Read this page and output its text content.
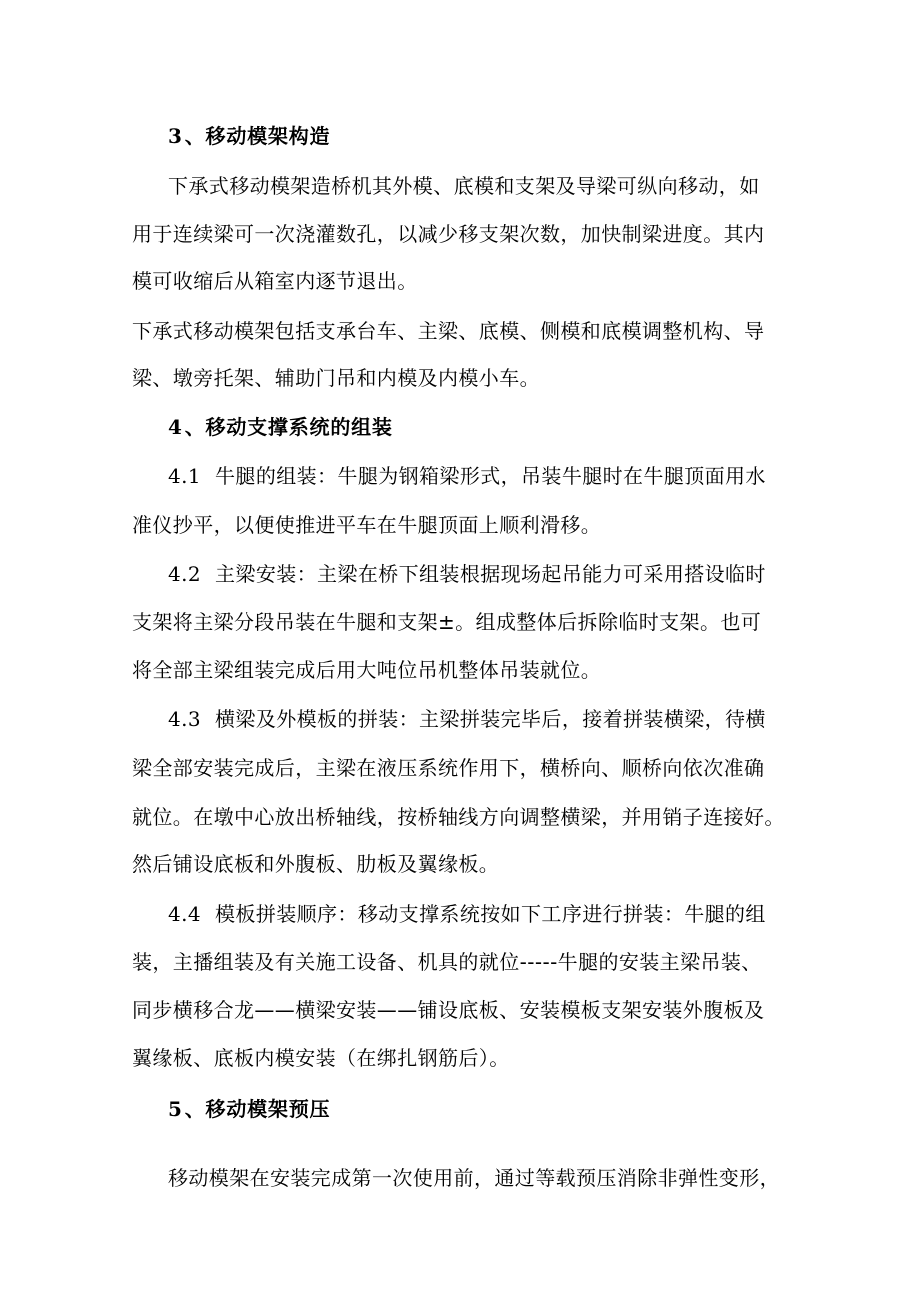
3 、移动模架构造
下承式移动模架造桥机其外模、底模和支架及导梁可纵向移动，如
用于连续梁可一次浇灌数孔，以减少移支架次数，加快制梁进度。其内
模可收缩后从箱室内逐节退出。
下承式移动模架包括支承台车、主梁、底模、侧模和底模调整机构、导
梁、墩旁托架、辅助门吊和内模及内模小车。
4 、移动支撑系统的组装
4.1 牛腿的组装：牛腿为钢箱梁形式，吊装牛腿时在牛腿顶面用水
准仪抄平，以便使推进平车在牛腿顶面上顺利滑移。
4.2 主梁安装：主梁在桥下组装根据现场起吊能力可采用搭设临时
支架将主梁分段吊装在牛腿和支架±。组成整体后拆除临时支架。也可
将全部主梁组装完成后用大吨位吊机整体吊装就位。
4.3 横梁及外模板的拼装：主梁拼装完毕后，接着拼装横梁，待横
梁全部安装完成后，主梁在液压系统作用下，横桥向、顺桥向依次准确
就位。在墩中心放出桥轴线，按桥轴线方向调整横梁，并用销子连接好。
然后铺设底板和外腹板、肋板及翼缘板。
4.4 模板拼装顺序：移动支撑系统按如下工序进行拼装：牛腿的组
装，主播组装及有关施工设备、机具的就位-----牛腿的安装主梁吊装、
同步横移合龙——横梁安装——铺设底板、安装模板支架安装外腹板及
翼缘板、底板内模安装（在绑扎钢筋后）。
5 、移动模架预压
移动模架在安装完成第一次使用前，通过等载预压消除非弹性变形，
